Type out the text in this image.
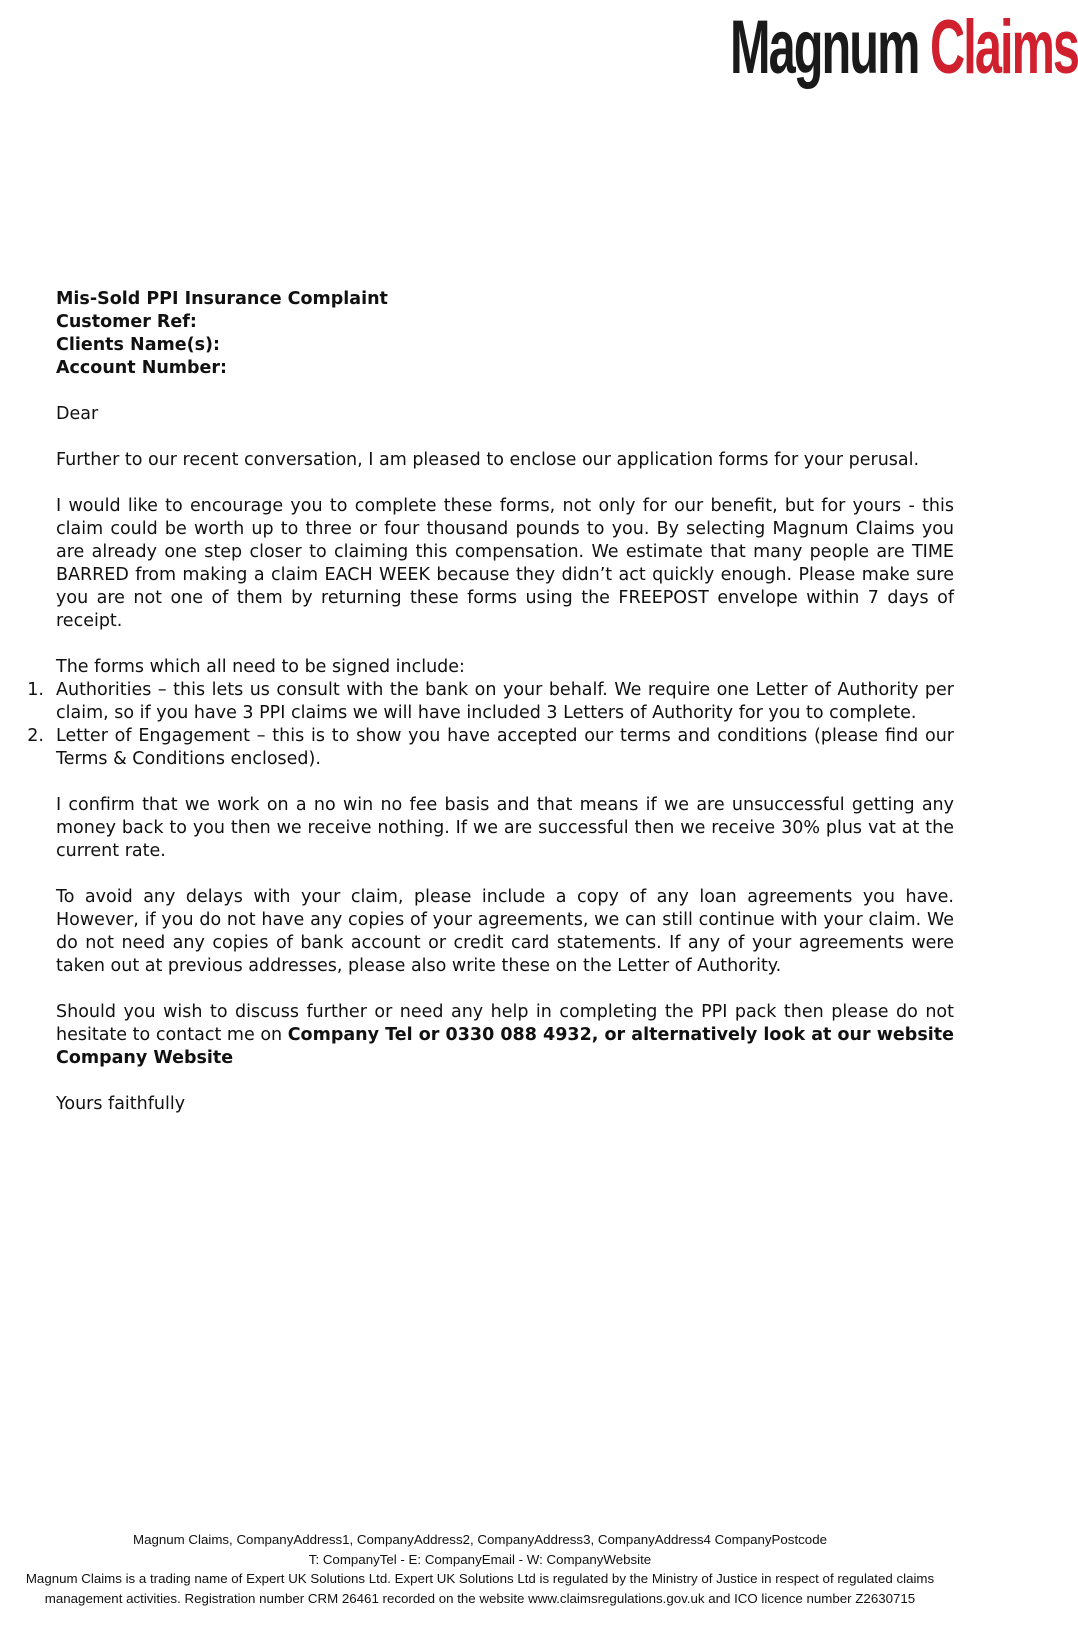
Magnum Claims

Mis-Sold PPI Insurance Complaint

Customer Ref:
Clients Name(s):
Account Number:

Dear

Further to our recent conversation, I am pleased to enclose our application forms for your perusal.

I would like to encourage you to complete these forms, not only for our benefit, but for yours - this claim could be worth up to three or four thousand pounds to you. By selecting Magnum Claims you are already one step closer to claiming this compensation. We estimate that many people are TIME BARRED from making a claim EACH WEEK because they didn’t act quickly enough. Please make sure you are not one of them by returning these forms using the FREEPOST envelope within 7 days of receipt.

The forms which all need to be signed include:

1. Authorities – this lets us consult with the bank on your behalf. We require one Letter of Authority per claim, so if you have 3 PPI claims we will have included 3 Letters of Authority for you to complete.
2. Letter of Engagement – this is to show you have accepted our terms and conditions (please find our Terms & Conditions enclosed).

I confirm that we work on a no win no fee basis and that means if we are unsuccessful getting any money back to you then we receive nothing. If we are successful then we receive 30% plus vat at the current rate.

To avoid any delays with your claim, please include a copy of any loan agreements you have. However, if you do not have any copies of your agreements, we can still continue with your claim. We do not need any copies of bank account or credit card statements. If any of your agreements were taken out at previous addresses, please also write these on the Letter of Authority.

Should you wish to discuss further or need any help in completing the PPI pack then please do not hesitate to contact me on Company Tel or 0330 088 4932, or alternatively look at our website Company Website

Yours faithfully

Magnum Claims, CompanyAddress1, CompanyAddress2, CompanyAddress3, CompanyAddress4 CompanyPostcode
T: CompanyTel - E: CompanyEmail - W: CompanyWebsite
Magnum Claims is a trading name of Expert UK Solutions Ltd. Expert UK Solutions Ltd is regulated by the Ministry of Justice in respect of regulated claims management activities. Registration number CRM 26461 recorded on the website www.claimsregulations.gov.uk and ICO licence number Z2630715
